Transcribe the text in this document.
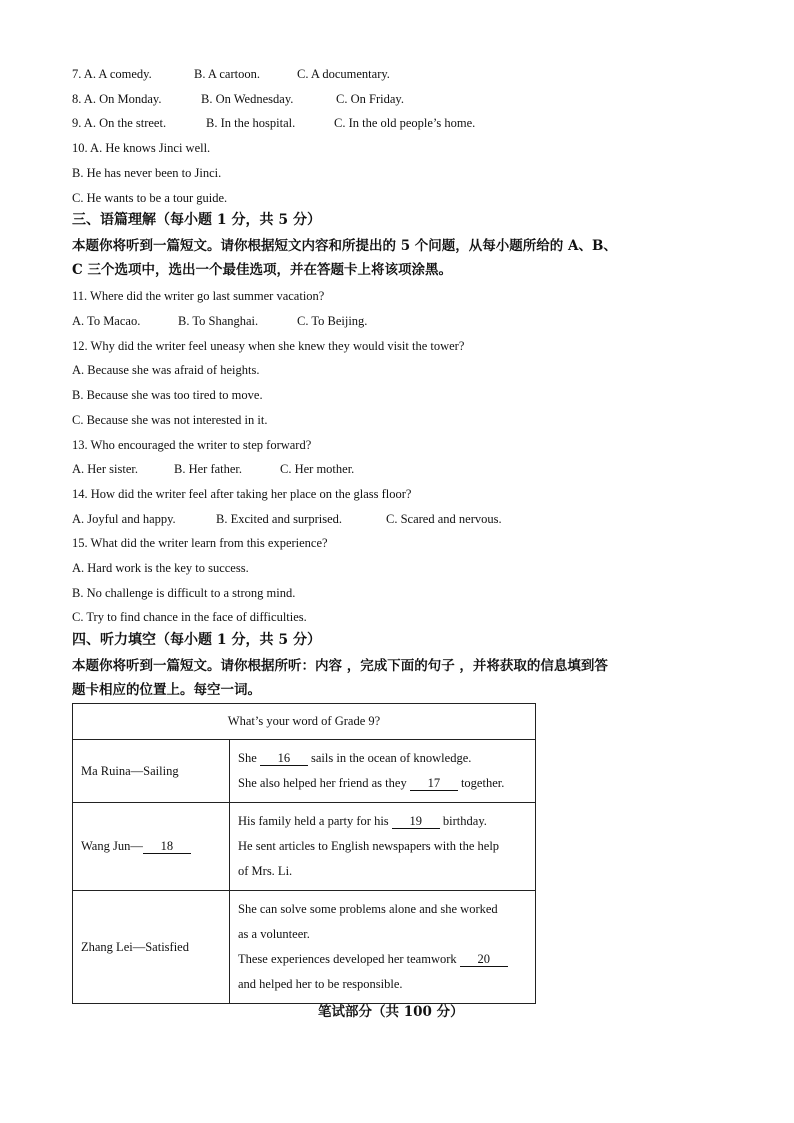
7. A. A comedy.	B. A cartoon.	C. A documentary.
8. A. On Monday.	B. On Wednesday.	C. On Friday.
9. A. On the street.	B. In the hospital.	C. In the old people’s home.
10. A. He knows Jinci well.
B. He has never been to Jinci.
C. He wants to be a tour guide.
三、语篇理解（每小题 1 分，共 5 分）
本题你将听到一篇短文。请你根据短文内容和所提出的 5 个问题，从每小题所给的 A、B、
C 三个选项中，选出一个最佳选项，并在答题卡上将该项涂黑。
11. Where did the writer go last summer vacation?
A. To Macao.	B. To Shanghai.	C. To Beijing.
12. Why did the writer feel uneasy when she knew they would visit the tower?
A. Because she was afraid of heights.
B. Because she was too tired to move.
C. Because she was not interested in it.
13. Who encouraged the writer to step forward?
A. Her sister.	B. Her father.	C. Her mother.
14. How did the writer feel after taking her place on the glass floor?
A. Joyful and happy.	B. Excited and surprised.	C. Scared and nervous.
15. What did the writer learn from this experience?
A. Hard work is the key to success.
B. No challenge is difficult to a strong mind.
C. Try to find chance in the face of difficulties.
四、听力填空（每小题 1 分，共 5 分）
本题你将听到一篇短文。请你根据所听：内容 ，完成下面的句子 ，并将获取的信息填到答
题卡相应的位置上。每空一词。
What’s your word of Grade 9?	
Ma Ruina—Sailing	She 16 sails in the ocean of knowledge.
She also helped her friend as they 17 together.

Wang Jun— 18	His family held a party for his 19 birthday.
He sent articles to English newspapers with the help
of Mrs. Li.

Zhang Lei—Satisfied	She can solve some problems alone and she worked
as a volunteer.
These experiences developed her teamwork 20
and helped her to be responsible.
笔试部分（共 100 分）
